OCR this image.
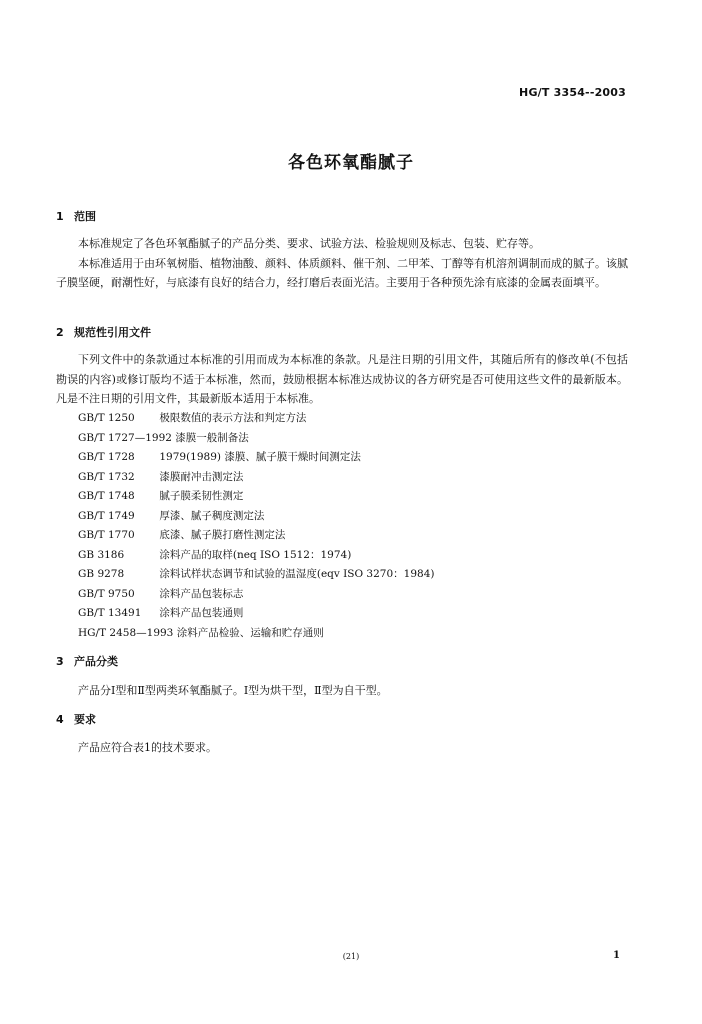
HG/T 3354--2003
各色环氧酯腻子
1 范围

本标准规定了各色环氧酯腻子的产品分类、要求、试验方法、检验规则及标志、包装、贮存等。

本标准适用于由环氧树脂、植物油酸、颜料、体质颜料、催干剂、二甲苯、丁醇等有机溶剂调制而成的腻子。该腻子膜坚硬，耐潮性好，与底漆有良好的结合力，经打磨后表面光洁。主要用于各种预先涂有底漆的金属表面填平。

2 规范性引用文件

下列文件中的条款通过本标准的引用而成为本标准的条款。凡是注日期的引用文件，其随后所有的修改单(不包括勘误的内容)或修订版均不适于本标准，然而，鼓励根据本标准达成协议的各方研究是否可使用这些文件的最新版本。凡是不注日期的引用文件，其最新版本适用于本标准。

GB/T 1250 极限数值的表示方法和判定方法
GB/T 1727—1992 漆膜一般制备法
GB/T 1728 1979(1989) 漆膜、腻子膜干燥时间测定法
GB/T 1732 漆膜耐冲击测定法
GB/T 1748 腻子膜柔韧性测定
GB/T 1749 厚漆、腻子稠度测定法
GB/T 1770 底漆、腻子膜打磨性测定法
GB 3186	涂料产品的取样(neq ISO 1512：1974)
GB 9278	涂料试样状态调节和试验的温湿度(eqv ISO 3270：1984)
GB/T 9750 涂料产品包装标志
GB/T 13491 涂料产品包装通则
HG/T 2458—1993 涂料产品检验、运输和贮存通则
3 产品分类
产品分Ⅰ型和Ⅱ型两类环氧酯腻子。Ⅰ型为烘干型，Ⅱ型为自干型。
4 要求
产品应符合表1的技术要求。
(21)	1
